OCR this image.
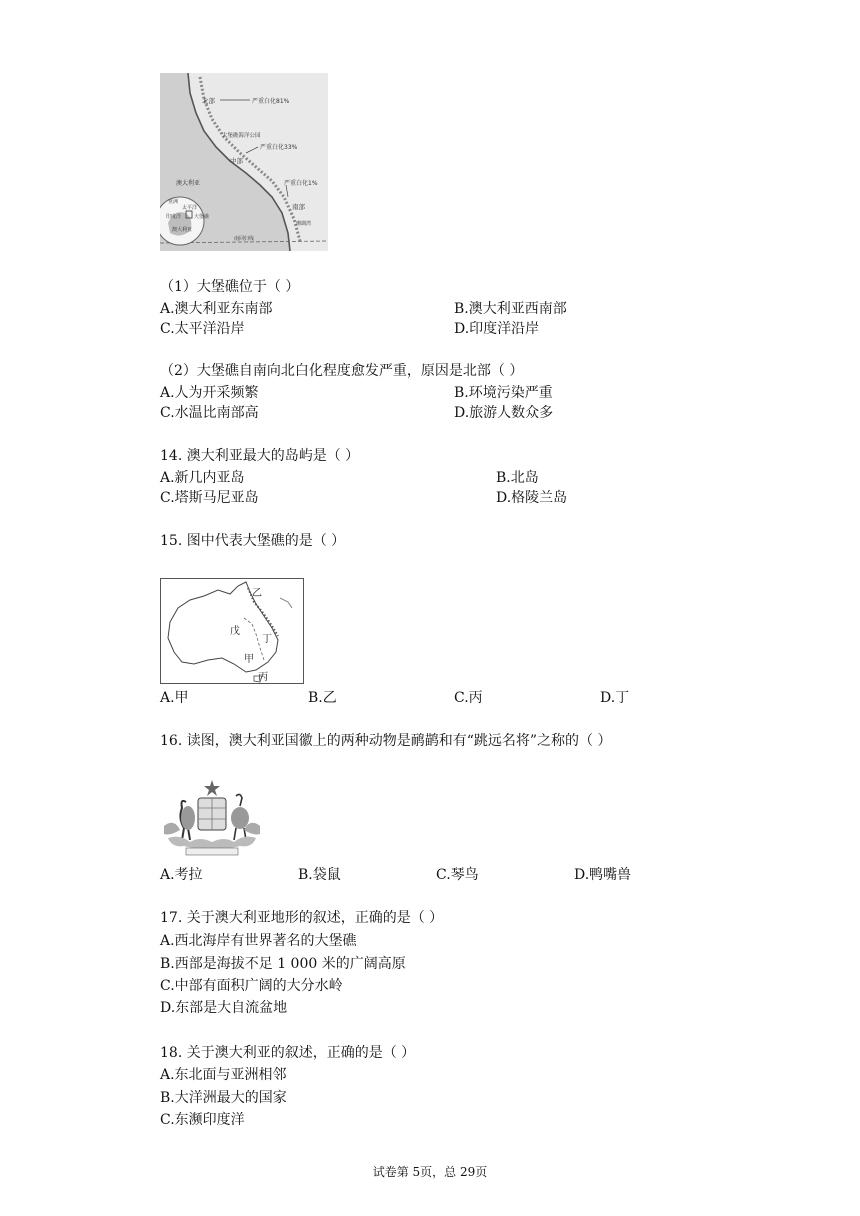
北部	严重白化81%
大堡礁海洋公园
中部
严重白化33%
澳大利亚	严重白化1%
南部
珊瑚湾
亚洲
太平洋
印度洋	大堡礁
澳大利亚
南回归线
（1）大堡礁位于（ ）
A.澳大利亚东南部	B.澳大利亚西南部
C.太平洋沿岸	D.印度洋沿岸
（2）大堡礁自南向北白化程度愈发严重，原因是北部（ ）
A.人为开采频繁	B.环境污染严重
C.水温比南部高	D.旅游人数众多
14. 澳大利亚最大的岛屿是（ ）
A.新几内亚岛	B.北岛
C.塔斯马尼亚岛	D.格陵兰岛
15. 图中代表大堡礁的是（ ）
乙
戊
丁
甲
丙
A.甲	B.乙	C.丙	D.丁
16. 读图，澳大利亚国徽上的两种动物是鸸鹋和有“跳远名将”之称的（ ）
A.考拉	B.袋鼠	C.琴鸟	D.鸭嘴兽
17. 关于澳大利亚地形的叙述，正确的是（ ）
A.西北海岸有世界著名的大堡礁
B.西部是海拔不足 1 000 米的广阔高原
C.中部有面积广阔的大分水岭
D.东部是大自流盆地
18. 关于澳大利亚的叙述，正确的是（ ）
A.东北面与亚洲相邻
B.大洋洲最大的国家
C.东濒印度洋
试卷第 5页，总 29页
